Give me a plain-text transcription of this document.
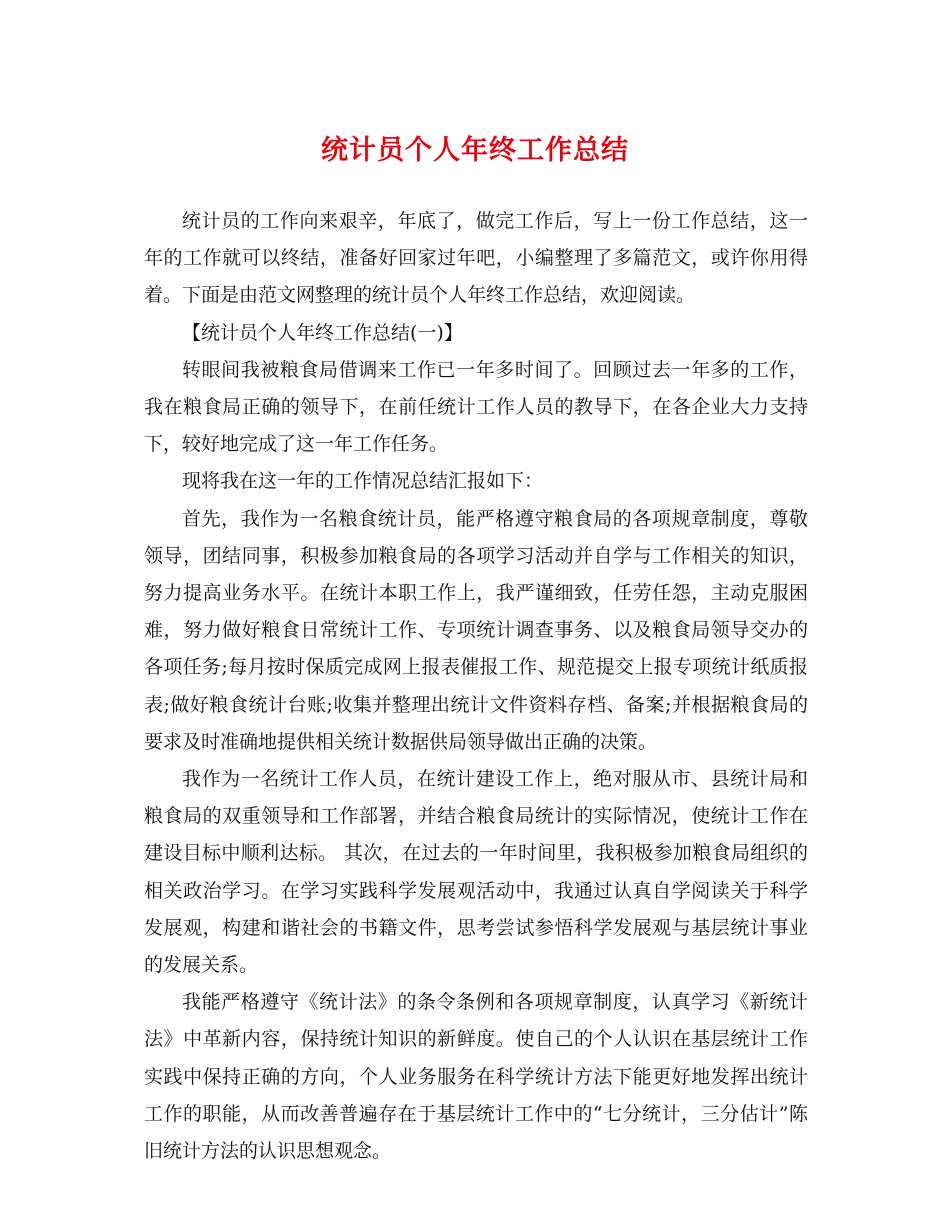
统计员个人年终工作总结

统计员的工作向来艰辛，年底了，做完工作后，写上一份工作总结，这一年的工作就可以终结，准备好回家过年吧，小编整理了多篇范文，或许你用得着。下面是由范文网整理的统计员个人年终工作总结，欢迎阅读。

【统计员个人年终工作总结(一)】

转眼间我被粮食局借调来工作已一年多时间了。回顾过去一年多的工作，我在粮食局正确的领导下，在前任统计工作人员的教导下，在各企业大力支持下，较好地完成了这一年工作任务。

现将我在这一年的工作情况总结汇报如下：

首先，我作为一名粮食统计员，能严格遵守粮食局的各项规章制度，尊敬领导，团结同事，积极参加粮食局的各项学习活动并自学与工作相关的知识，努力提高业务水平。在统计本职工作上，我严谨细致，任劳任怨，主动克服困难，努力做好粮食日常统计工作、专项统计调查事务、以及粮食局领导交办的各项任务;每月按时保质完成网上报表催报工作、规范提交上报专项统计纸质报表;做好粮食统计台账;收集并整理出统计文件资料存档、备案;并根据粮食局的要求及时准确地提供相关统计数据供局领导做出正确的决策。

我作为一名统计工作人员，在统计建设工作上，绝对服从市、县统计局和粮食局的双重领导和工作部署，并结合粮食局统计的实际情况，使统计工作在建设目标中顺利达标。 其次，在过去的一年时间里，我积极参加粮食局组织的相关政治学习。在学习实践科学发展观活动中，我通过认真自学阅读关于科学发展观，构建和谐社会的书籍文件，思考尝试参悟科学发展观与基层统计事业的发展关系。

我能严格遵守《统计法》的条令条例和各项规章制度，认真学习《新统计法》中革新内容，保持统计知识的新鲜度。使自己的个人认识在基层统计工作实践中保持正确的方向，个人业务服务在科学统计方法下能更好地发挥出统计工作的职能，从而改善普遍存在于基层统计工作中的“七分统计，三分估计”陈旧统计方法的认识思想观念。
